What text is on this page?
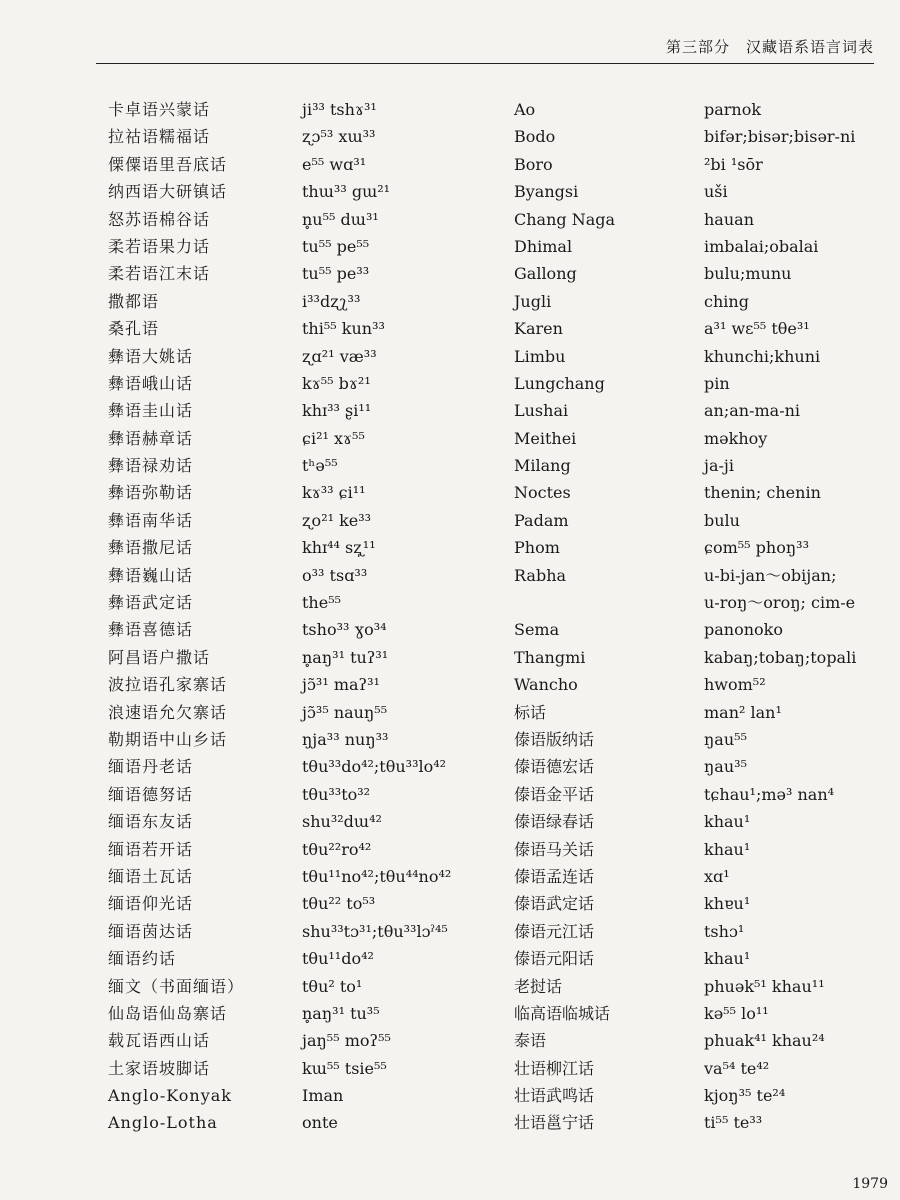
第三部分　汉藏语系语言词表
卡卓语兴蒙话
拉祜语糯福话
傈僳语里吾底话
纳西语大研镇话
怒苏语棉谷话
柔若语果力话
柔若语江末话
撒都语
桑孔语
彝语大姚话
彝语峨山话
彝语圭山话
彝语赫章话
彝语禄劝话
彝语弥勒话
彝语南华话
彝语撒尼话
彝语巍山话
彝语武定话
彝语喜德话
阿昌语户撒话
波拉语孔家寨话
浪速语允欠寨话
勒期语中山乡话
缅语丹老话
缅语德努话
缅语东友话
缅语若开话
缅语土瓦话
缅语仰光话
缅语茵达话
缅语约话
缅文（书面缅语）
仙岛语仙岛寨话
载瓦语西山话
土家语坡脚话
Anglo-Konyak
Anglo-Lotha
ji³³ tshɤ³¹
ʐɔ⁵³ xɯ³³
e⁵⁵ wɑ³¹
thɯ³³ gɯ²¹
n̥u⁵⁵ dɯ³¹
tu⁵⁵ pe⁵⁵
tu⁵⁵ pe³³
i³³dʐʅ³³
thi⁵⁵ kun³³
ʐɑ²¹ væ³³
kɤ⁵⁵ bɤ²¹
khɪ³³ ʂi¹¹
ɕi²¹ xɤ⁵⁵
tʰə⁵⁵
kɤ³³ ɕi¹¹
ʐo²¹ ke³³
khɪ⁴⁴ sʐ̩¹¹
o³³ tsɑ³³
the⁵⁵
tsho³³ ɣo³⁴
n̥aŋ³¹ tuʔ³¹
jɔ̃³¹ maʔ³¹
jɔ̃³⁵ nauŋ⁵⁵
ŋja³³ nuŋ³³
tθu³³do⁴²;tθu³³lo⁴²
tθu³³to³²
shu³²dɯ⁴²
tθu²²ro⁴²
tθu¹¹no⁴²;tθu⁴⁴no⁴²
tθu²² to⁵³
shu³³tɔ³¹;tθu³³lɔˀ⁴⁵
tθu¹¹do⁴²
tθu² to¹
n̥aŋ³¹ tu³⁵
jaŋ⁵⁵ moʔ⁵⁵
kɯ⁵⁵ tsie⁵⁵
Iman
onte
Ao
Bodo
Boro
Byangsi
Chang Naga
Dhimal
Gallong
Jugli
Karen
Limbu
Lungchang
Lushai
Meithei
Milang
Noctes
Padam
Phom
Rabha
Sema
Thangmi
Wancho
标话
傣语版纳话
傣语德宏话
傣语金平话
傣语绿春话
傣语马关话
傣语孟连话
傣语武定话
傣语元江话
傣语元阳话
老挝话
临高语临城话
泰语
壮语柳江话
壮语武鸣话
壮语邕宁话
parnok
bifər;bisər;bisər-ni
²bi ¹sōr
uši
hauan
imbalai;obalai
bulu;munu
ching
a³¹ wɛ⁵⁵ tθe³¹
khunchi;khuni
pin
an;an-ma-ni
məkhoy
ja-ji
thenin; chenin
bulu
ɕom⁵⁵ phoŋ³³
u-bi-jan～obijan;
u-roŋ～oroŋ; cim-e
panonoko
kabaŋ;tobaŋ;topali
hwom⁵²
man² lan¹
ŋau⁵⁵
ŋau³⁵
tɕhau¹;mə³ nan⁴
khau¹
khau¹
xɑ¹
khɐu¹
tshɔ¹
khau¹
phuək⁵¹ khau¹¹
kə⁵⁵ lo¹¹
phuak⁴¹ khau²⁴
va⁵⁴ te⁴²
kjoŋ³⁵ te²⁴
ti⁵⁵ te³³
1979
